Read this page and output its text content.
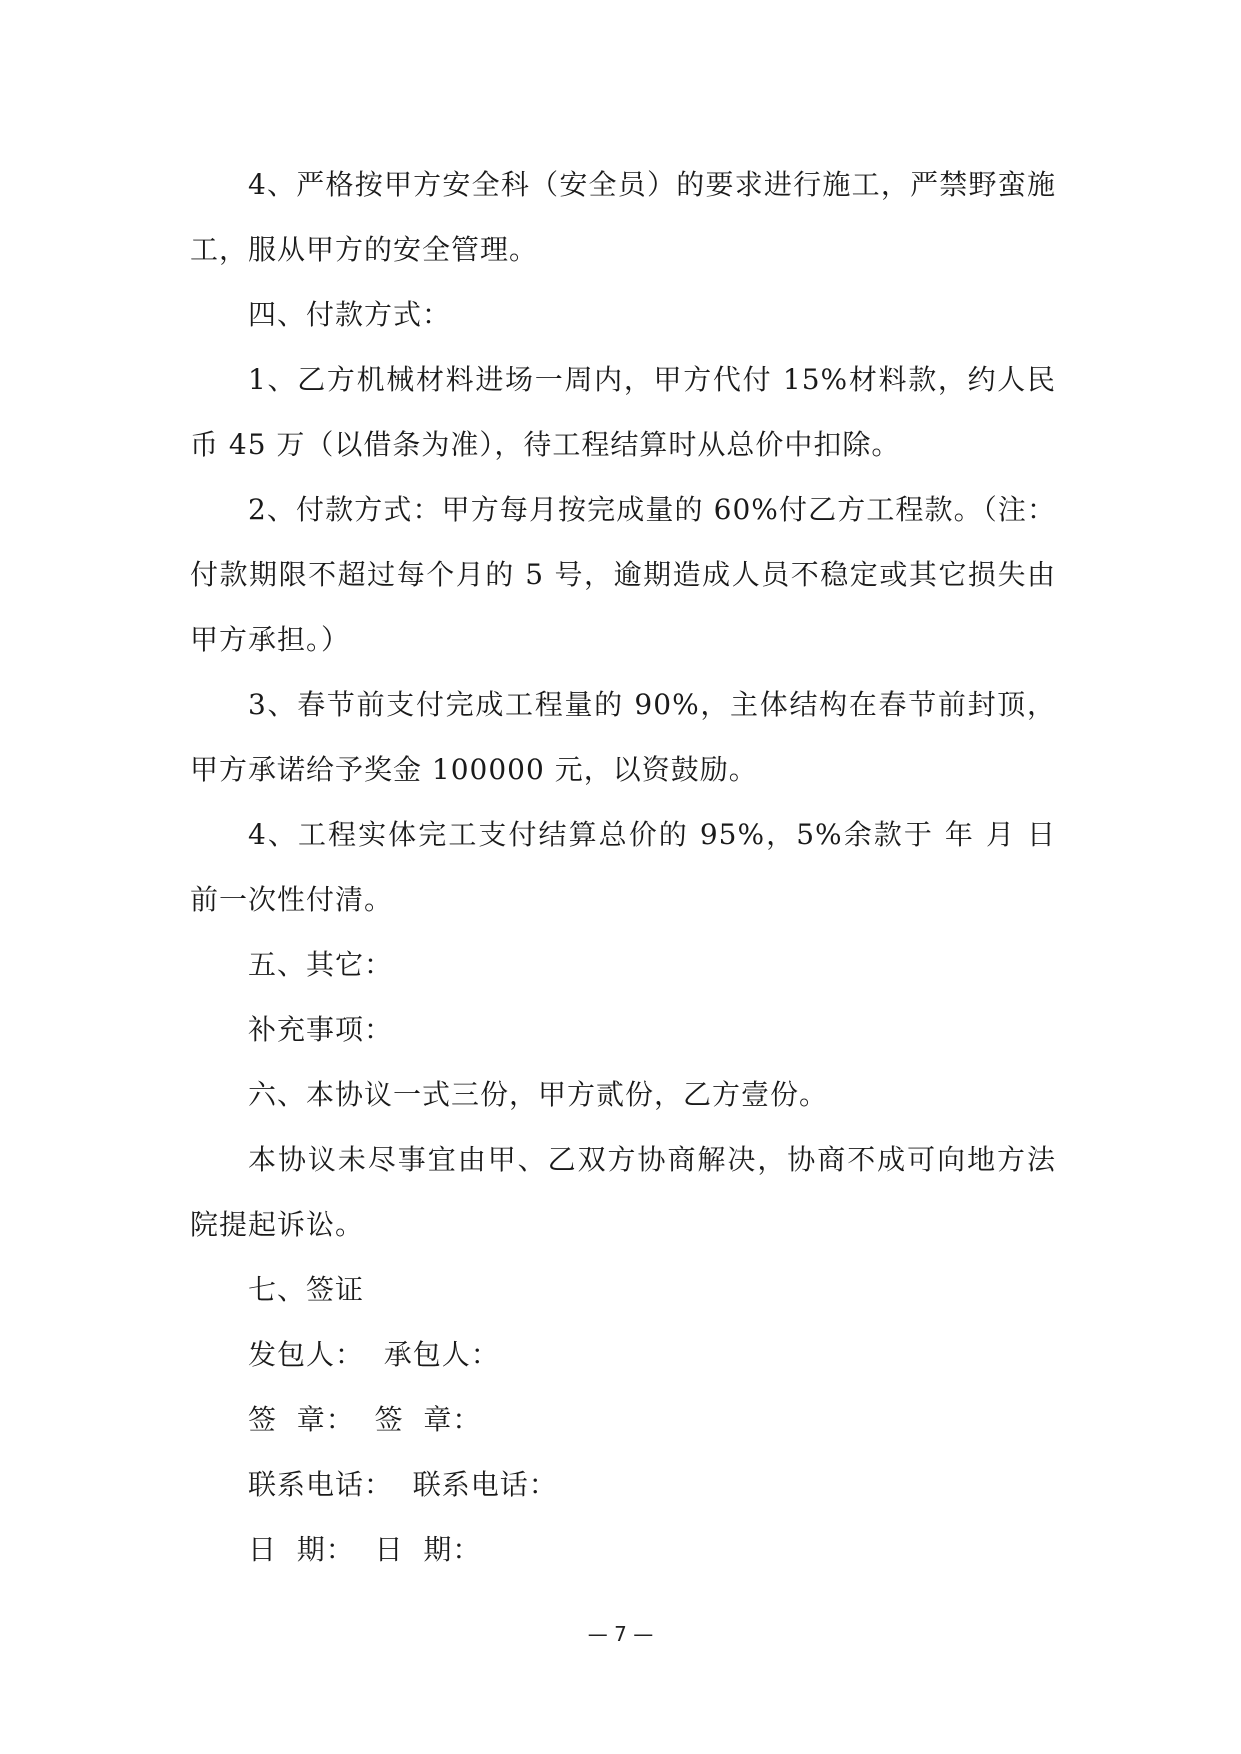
4、严格按甲方安全科（安全员）的要求进行施工，严禁野蛮施工，服从甲方的安全管理。

四、付款方式：

1、乙方机械材料进场一周内，甲方代付 15%材料款，约人民币 45 万（以借条为准），待工程结算时从总价中扣除。

2、付款方式：甲方每月按完成量的 60%付乙方工程款。（注：付款期限不超过每个月的 5 号，逾期造成人员不稳定或其它损失由甲方承担。）

3、春节前支付完成工程量的 90%，主体结构在春节前封顶，甲方承诺给予奖金 100000 元，以资鼓励。

4、工程实体完工支付结算总价的 95%，5%余款于 年 月 日前一次性付清。

五、其它：

补充事项：

六、本协议一式三份，甲方贰份，乙方壹份。

本协议未尽事宜由甲、乙双方协商解决，协商不成可向地方法院提起诉讼。

七、签证

发包人：  承包人：

签  章：  签  章：

联系电话：  联系电话：

日  期：  日  期：

— 7 —
